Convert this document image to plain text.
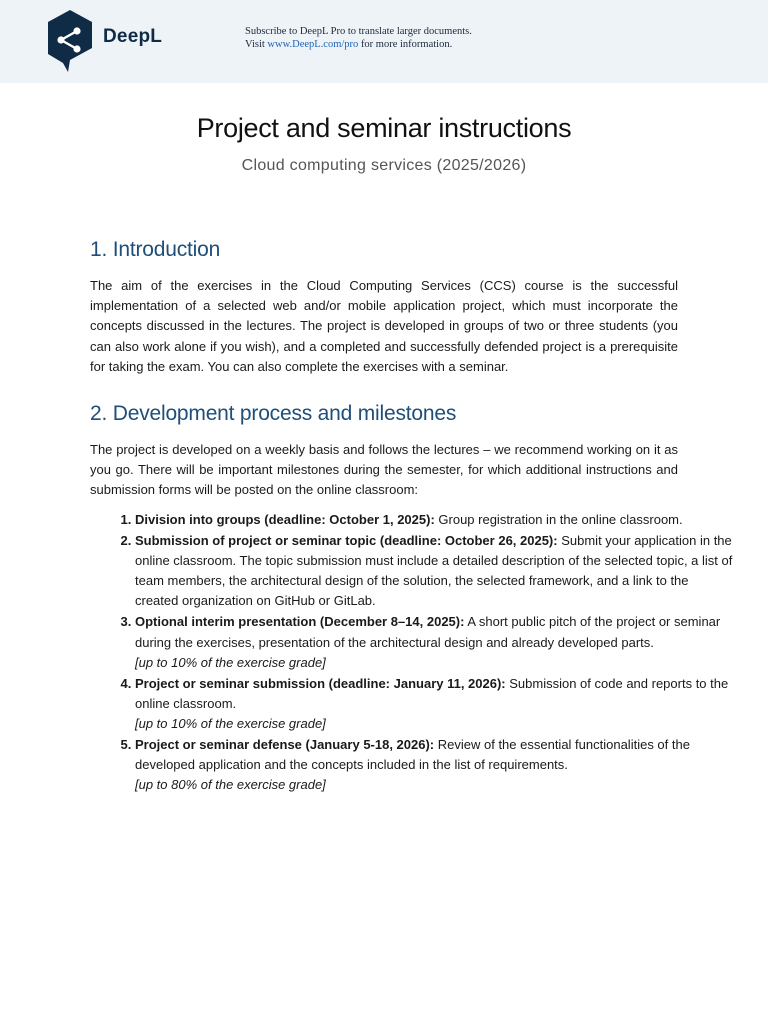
DeepL	Subscribe to DeepL Pro to translate larger documents.
Visit www.DeepL.com/pro for more information.
Project and seminar instructions
Cloud computing services (2025/2026)
1. Introduction

The aim of the exercises in the Cloud Computing Services (CCS) course is the successful implementation of a selected web and/or mobile application project, which must incorporate the concepts discussed in the lectures. The project is developed in groups of two or three students (you can also work alone if you wish), and a completed and successfully defended project is a prerequisite for taking the exam. You can also complete the exercises with a seminar.

2. Development process and milestones

The project is developed on a weekly basis and follows the lectures – we recommend working on it as you go. There will be important milestones during the semester, for which additional instructions and submission forms will be posted on the online classroom:

1. Division into groups (deadline: October 1, 2025): Group registration in the online classroom.
2. Submission of project or seminar topic (deadline: October 26, 2025): Submit your application in the online classroom. The topic submission must include a detailed description of the selected topic, a list of team members, the architectural design of the solution, the selected framework, and a link to the created organization on GitHub or GitLab.
3. Optional interim presentation (December 8–14, 2025): A short public pitch of the project or seminar during the exercises, presentation of the architectural design and already developed parts.
[up to 10% of the exercise grade]
4. Project or seminar submission (deadline: January 11, 2026): Submission of code and reports to the online classroom.
[up to 10% of the exercise grade]
5. Project or seminar defense (January 5-18, 2026): Review of the essential functionalities of the developed application and the concepts included in the list of requirements.
[up to 80% of the exercise grade]
